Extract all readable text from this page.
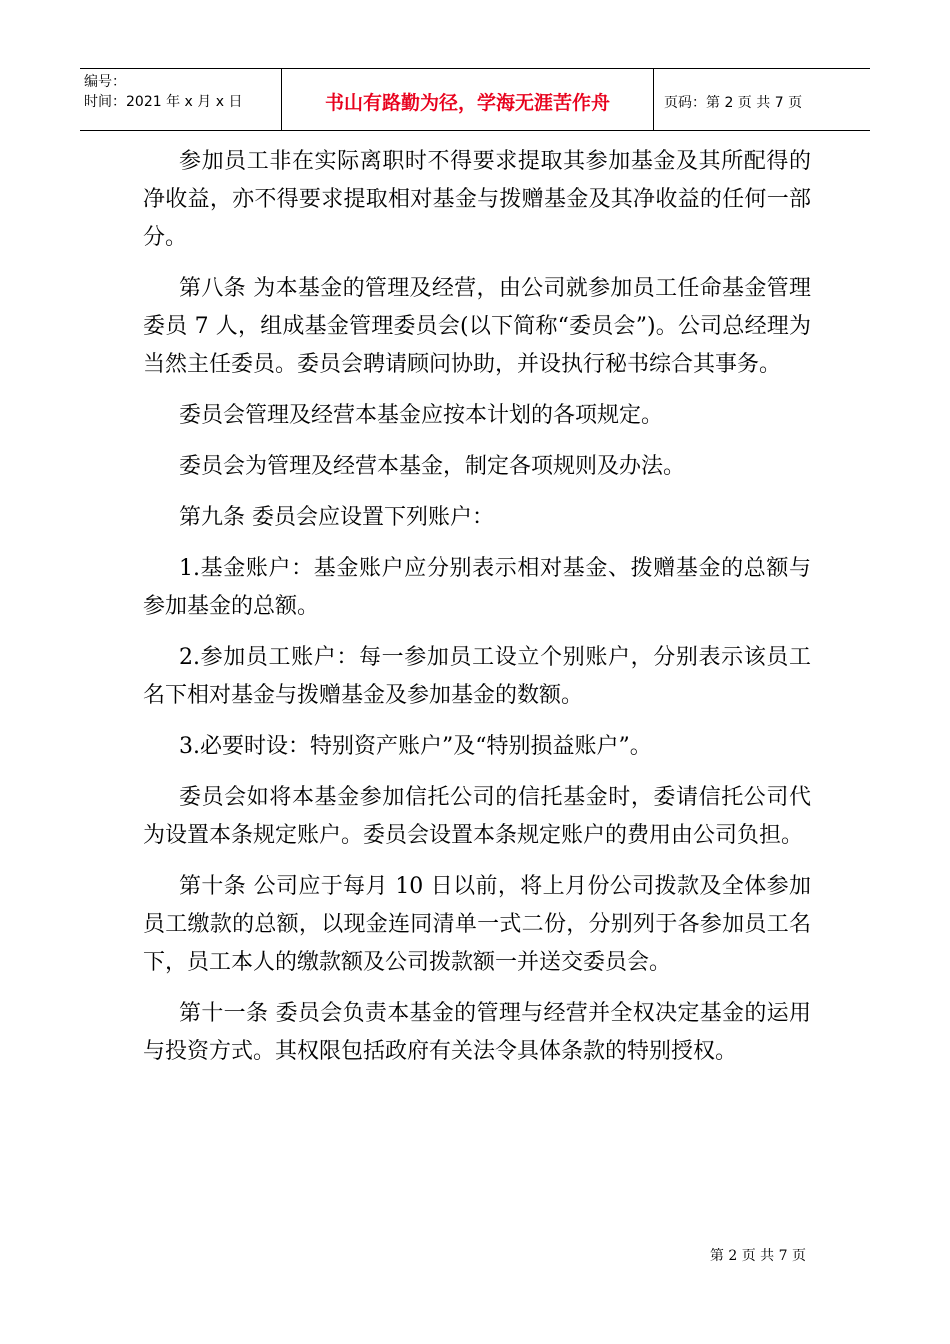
编号：
时间：2021 年 x 月 x 日	书山有路勤为径，学海无涯苦作舟	页码：第 2 页 共 7 页

参加员工非在实际离职时不得要求提取其参加基金及其所配得的净收益，亦不得要求提取相对基金与拨赠基金及其净收益的任何一部分。

第八条 为本基金的管理及经营，由公司就参加员工任命基金管理委员 7 人，组成基金管理委员会(以下简称“委员会”)。公司总经理为当然主任委员。委员会聘请顾问协助，并设执行秘书综合其事务。

委员会管理及经营本基金应按本计划的各项规定。

委员会为管理及经营本基金，制定各项规则及办法。

第九条 委员会应设置下列账户：

1.基金账户：基金账户应分别表示相对基金、拨赠基金的总额与参加基金的总额。

2.参加员工账户：每一参加员工设立个别账户，分别表示该员工名下相对基金与拨赠基金及参加基金的数额。

3.必要时设：特别资产账户”及“特别损益账户”。

委员会如将本基金参加信托公司的信托基金时，委请信托公司代为设置本条规定账户。委员会设置本条规定账户的费用由公司负担。

第十条 公司应于每月 10 日以前，将上月份公司拨款及全体参加员工缴款的总额，以现金连同清单一式二份，分别列于各参加员工名下，员工本人的缴款额及公司拨款额一并送交委员会。

第十一条 委员会负责本基金的管理与经营并全权决定基金的运用与投资方式。其权限包括政府有关法令具体条款的特别授权。

第 2 页 共 7 页
